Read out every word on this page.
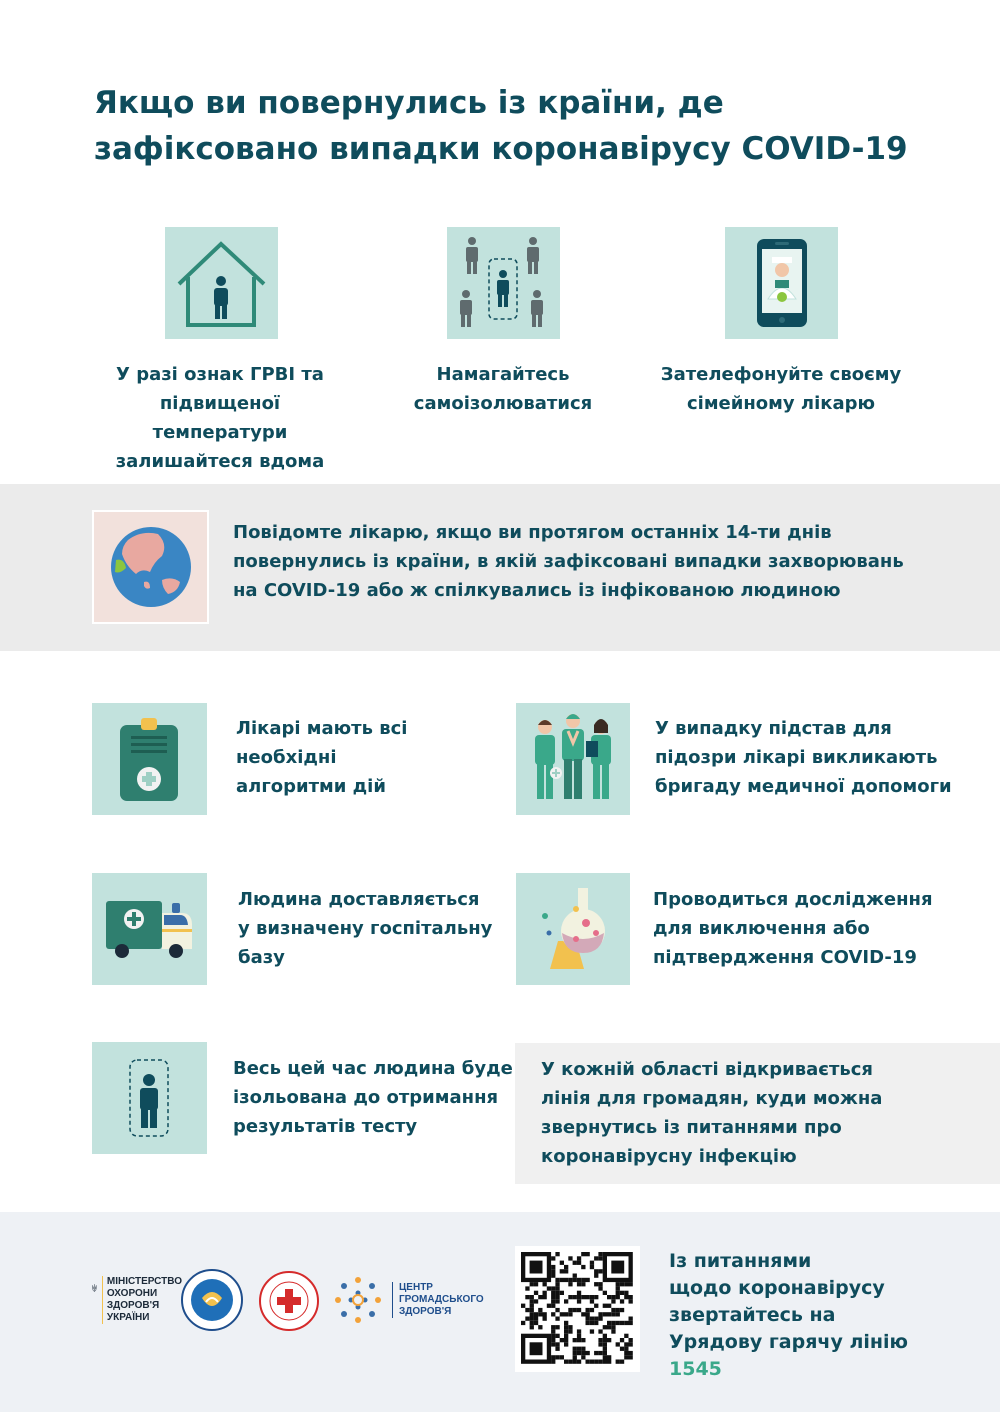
Якщо ви повернулись із країни, де
зафіксовано випадки коронавірусу COVID-19
У разі ознак ГРВІ та
підвищеної температури
залишайтеся вдома
Намагайтесь
самоізолюватися
Зателефонуйте своєму
сімейному лікарю
Повідомте лікарю, якщо ви протягом останніх 14-ти днів
повернулись із країни, в якій зафіксовані випадки захворювань
на COVID-19 або ж спілкувались із інфікованою людиною
Лікарі мають всі необхідні
алгоритми дій
У випадку підстав для
підозри лікарі викликають
бригаду медичної допомоги
Людина доставляється
у визначену госпітальну
базу
Проводиться дослідження
для виключення або
підтвердження COVID-19
Весь цей час людина буде
ізольована до отримання
результатів тесту
У кожній області відкривається
лінія для громадян, куди можна
звернутись із питаннями про
коронавірусну інфекцію
МІНІСТЕРСТВО
ОХОРОНИ
ЗДОРОВ'Я
УКРАЇНИ
ЦЕНТР
ГРОМАДСЬКОГО
ЗДОРОВ'Я
Із питаннями
щодо коронавірусу
звертайтесь на
Урядову гарячу лінію
1545
